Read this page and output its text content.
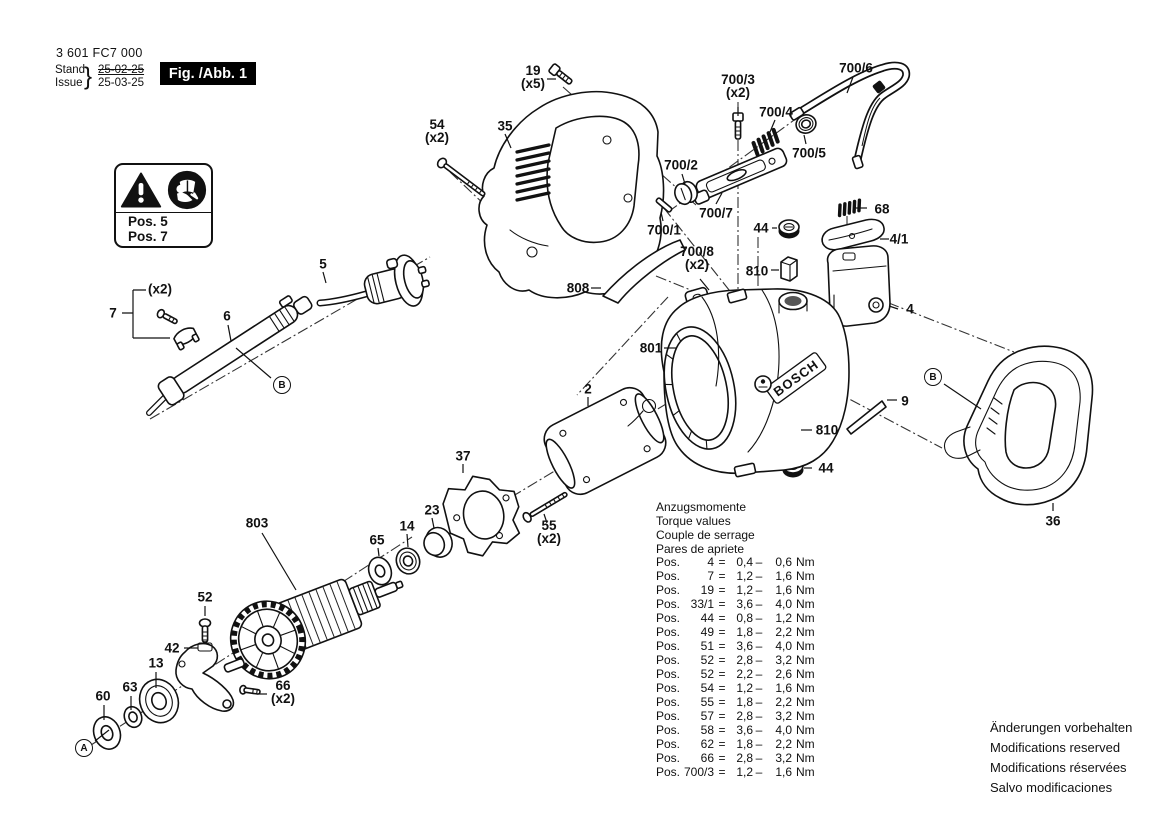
3 601 FC7 000
Stand
Issue } 25-02-25
25-03-25
Fig. /Abb. 1
Pos. 5
Pos. 7
BOSCH
19
(x5)
54
(x2)
35
700/3
(x2)
700/4
700/6
700/5
700/2
700/7
700/1
68
44
4/1
700/8
(x2)	810
808
801
4
9
810
44
2
37
23
14
65
55
(x2)
803
52
42
13
63
60
66
(x2)
36
5
6
7
(x2)
A
B
B
Anzugsmomente
Torque values
Couple de serrage
Pares de apriete
Pos.	4 = 0,4 –	0,6 Nm
Pos.	7 = 1,2 –	1,6 Nm
Pos.	19 = 1,2 –	1,6 Nm
Pos. 33/1 = 3,6 –	4,0 Nm
Pos.	44 = 0,8 –	1,2 Nm
Pos.	49 = 1,8 –	2,2 Nm
Pos.	51 = 3,6 –	4,0 Nm
Pos.	52 = 2,8 –	3,2 Nm
Pos.	52 = 2,2 –	2,6 Nm
Pos.	54 = 1,2 –	1,6 Nm
Pos.	55 = 1,8 –	2,2 Nm
Pos.	57 = 2,8 –	3,2 Nm
Pos.	58 = 3,6 –	4,0 Nm
Pos.	62 = 1,8 –	2,2 Nm
Pos.	66 = 2,8 –	3,2 Nm
Pos. 700/3 = 1,2 –	1,6 Nm
Änderungen vorbehalten
Modifications reserved
Modifications réservées
Salvo modificaciones
